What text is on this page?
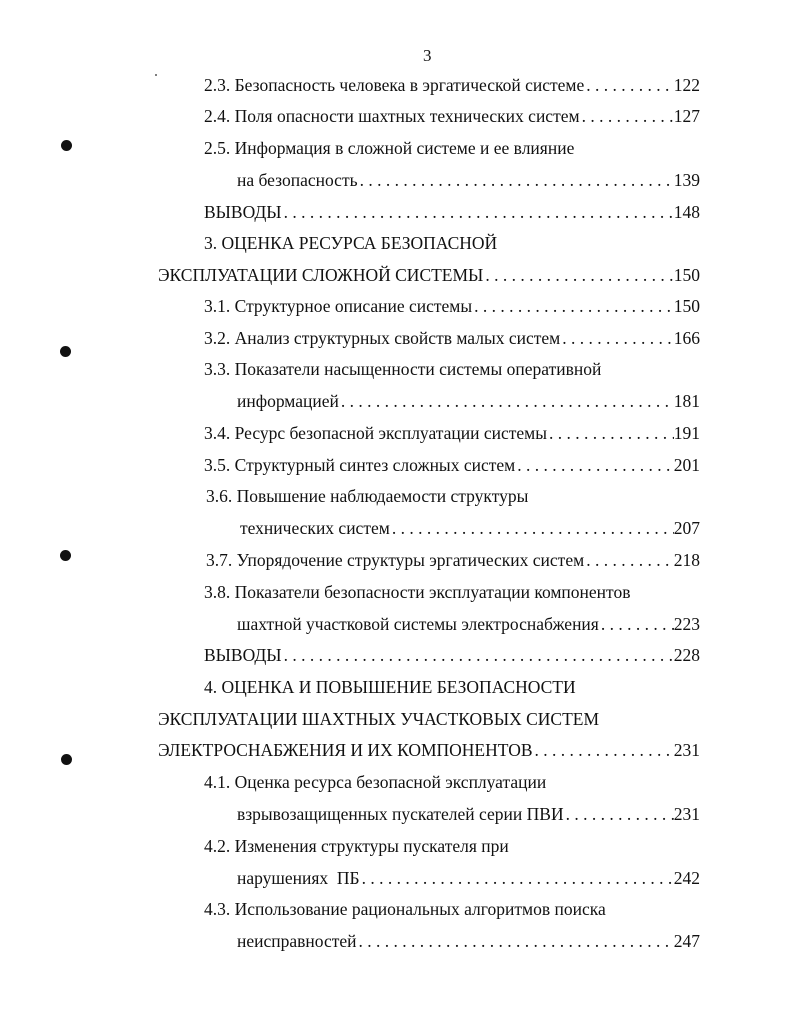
3
2.3. Безопасность человека в эргатической системе . . .	122
2.4. Поля опасности шахтных технических систем . . .	127
2.5. Информация в сложной системе и ее влияние
на безопасность . . .	139
ВЫВОДЫ . . .	148
3. ОЦЕНКА РЕСУРСА БЕЗОПАСНОЙ
ЭКСПЛУАТАЦИИ СЛОЖНОЙ СИСТЕМЫ . . .	150
3.1. Структурное описание системы . . .	150
3.2. Анализ структурных свойств малых систем . . .	166
3.3. Показатели насыщенности системы оперативной
информацией . . .	181
3.4. Ресурс безопасной эксплуатации системы . . .	191
3.5. Структурный синтез сложных систем . . .	201
3.6. Повышение наблюдаемости структуры
технических систем . . .	207
3.7. Упорядочение структуры эргатических систем . . .	218
3.8. Показатели безопасности эксплуатации компонентов
шахтной участковой системы электроснабжения . . .	223
ВЫВОДЫ . . .	228
4. ОЦЕНКА И ПОВЫШЕНИЕ БЕЗОПАСНОСТИ
ЭКСПЛУАТАЦИИ ШАХТНЫХ УЧАСТКОВЫХ СИСТЕМ
ЭЛЕКТРОСНАБЖЕНИЯ И ИХ КОМПОНЕНТОВ . . .	231
4.1. Оценка ресурса безопасной эксплуатации
взрывозащищенных пускателей серии ПВИ . . .	231
4.2. Изменения структуры пускателя при
нарушениях  ПБ . . .	242
4.3. Использование рациональных алгоритмов поиска
неисправностей . . .	247
